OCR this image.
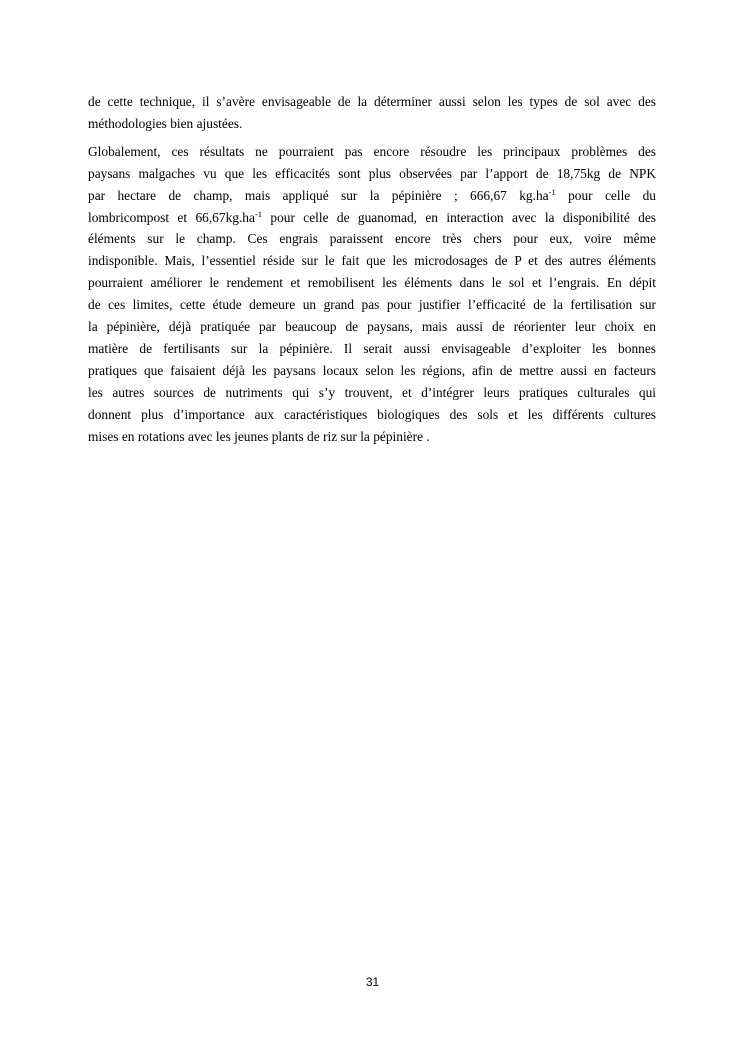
de cette technique, il s’avère envisageable de la déterminer aussi selon les types de sol avec des
méthodologies bien ajustées.

Globalement, ces résultats ne pourraient pas encore résoudre les principaux problèmes des
paysans malgaches vu que les efficacités sont plus observées par l’apport de 18,75kg de NPK
par hectare de champ, mais appliqué sur la pépinière ; 666,67 $kg.ha^{-1}$ pour celle du
lombricompost et $66,67kg.ha^{-1}$ pour celle de guanomad, en interaction avec la disponibilité des
éléments sur le champ. Ces engrais paraissent encore très chers pour eux, voire même
indisponible. Mais, l’essentiel réside sur le fait que les microdosages de P et des autres éléments
pourraient améliorer le rendement et remobilisent les éléments dans le sol et l’engrais. En dépit
de ces limites, cette étude demeure un grand pas pour justifier l’efficacité de la fertilisation sur
la pépinière, déjà pratiquée par beaucoup de paysans, mais aussi de réorienter leur choix en
matière de fertilisants sur la pépinière. Il serait aussi envisageable d’exploiter les bonnes
pratiques que faisaient déjà les paysans locaux selon les régions, afin de mettre aussi en facteurs
les autres sources de nutriments qui s’y trouvent, et d’intégrer leurs pratiques culturales qui
donnent plus d’importance aux caractéristiques biologiques des sols et les différents cultures
mises en rotations avec les jeunes plants de riz sur la pépinière .

31
